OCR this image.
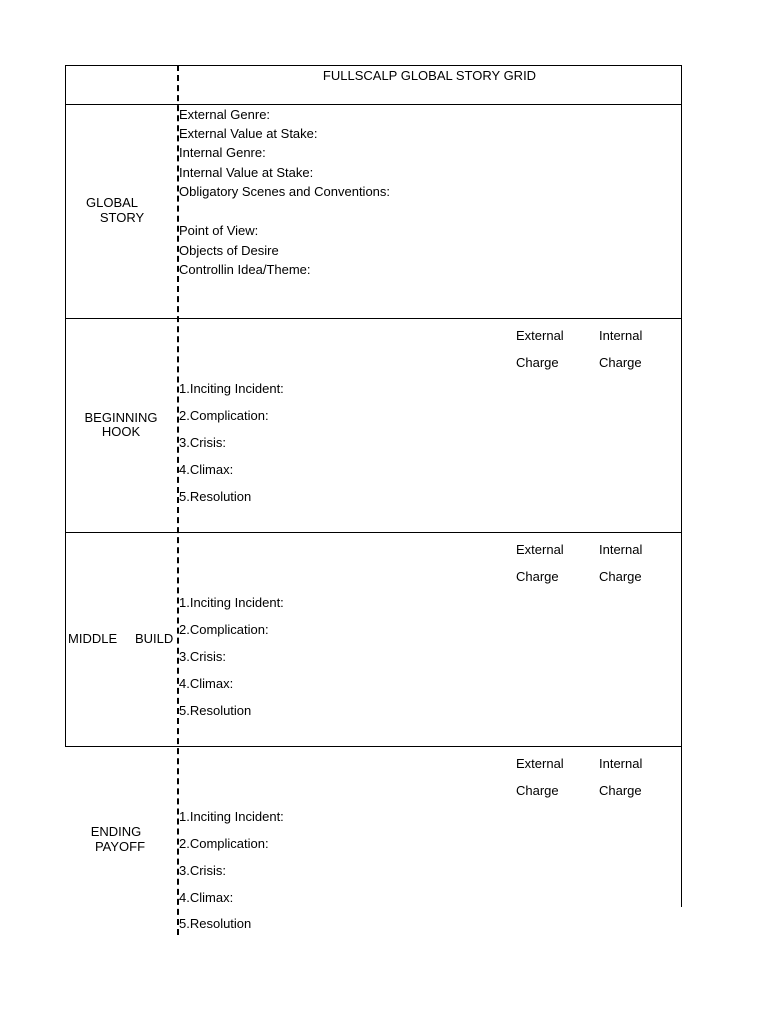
FULLSCALP GLOBAL STORY GRID
GLOBAL
STORY
External Genre:
External Value at Stake:
Internal Genre:
Internal Value at Stake:
Obligatory Scenes and Conventions:
Point of View:
Objects of Desire
Controllin Idea/Theme:
BEGINNING
HOOK
External
Charge
Internal
Charge
1.Inciting Incident:
2.Complication:
3.Crisis:
4.Climax:
5.Resolution
MIDDLE BUILD
External
Charge
Internal
Charge
1.Inciting Incident:
2.Complication:
3.Crisis:
4.Climax:
5.Resolution
ENDING
PAYOFF
External
Charge
Internal
Charge
1.Inciting Incident:
2.Complication:
3.Crisis:
4.Climax:
5.Resolution
